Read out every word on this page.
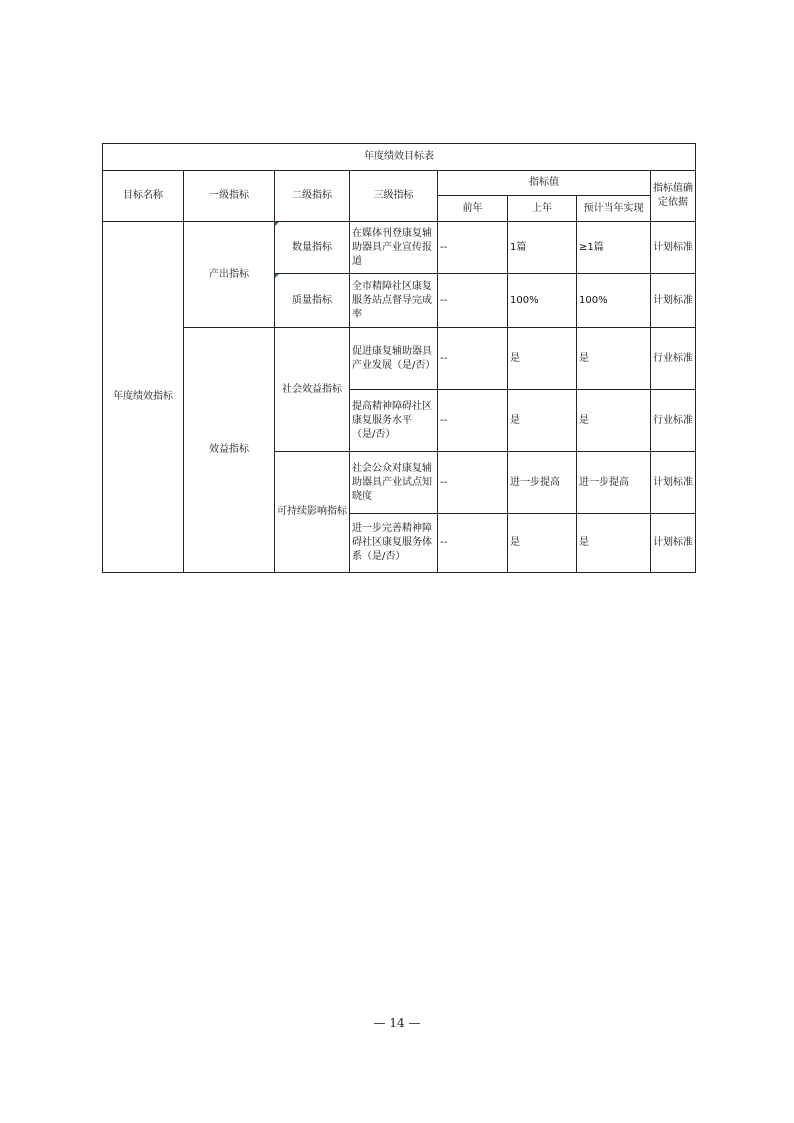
年度绩效目标表							
目标名称	一级指标	二级指标	三级指标	指标值			指标值确定依据
				前年	上年	预计当年实现	
年度绩效指标	产出指标	数量指标	在媒体刊登康复辅助器具产业宣传报道	--	1篇	≥1篇	计划标准
		质量指标	全市精障社区康复服务站点督导完成率	--	100%	100%	计划标准
	效益指标	社会效益指标	促进康复辅助器具产业发展（是/否）	--	是	是	行业标准
			提高精神障碍社区康复服务水平（是/否）	--	是	是	行业标准
		可持续影响指标	社会公众对康复辅助器具产业试点知晓度	--	进一步提高	进一步提高	计划标准
			进一步完善精神障碍社区康复服务体系（是/否）	--	是	是	计划标准
— 14 —
